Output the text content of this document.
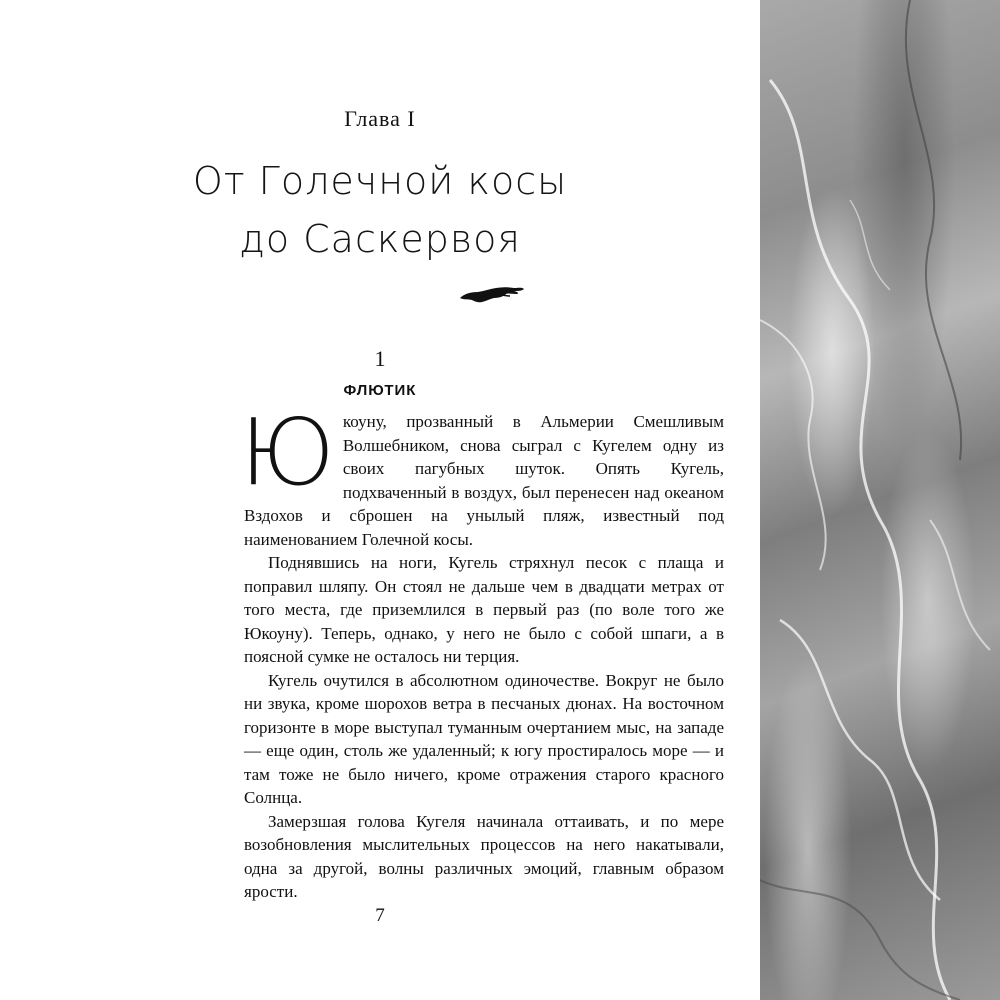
Глава I
От Голечной косы
до Саскервоя
1
ФЛЮТИК

Юкоуну, прозванный в Альмерии Смешливым Волшебником, снова сыграл с Кугелем одну из своих пагубных шуток. Опять Кугель, подхваченный в воздух, был перенесен над океаном Вздохов и сброшен на унылый пляж, известный под наименованием Голечной косы.

Поднявшись на ноги, Кугель стряхнул песок с плаща и поправил шляпу. Он стоял не дальше чем в двадцати метрах от того места, где приземлился в первый раз (по воле того же Юкоуну). Теперь, однако, у него не было с собой шпаги, а в поясной сумке не осталось ни терция.

Кугель очутился в абсолютном одиночестве. Вокруг не было ни звука, кроме шорохов ветра в песчаных дюнах. На восточном горизонте в море выступал туманным очертанием мыс, на западе — еще один, столь же удаленный; к югу простиралось море — и там тоже не было ничего, кроме отражения старого красного Солнца.

Замерзшая голова Кугеля начинала оттаивать, и по мере возобновления мыслительных процессов на него накатывали, одна за другой, волны различных эмоций, главным образом ярости.

7
